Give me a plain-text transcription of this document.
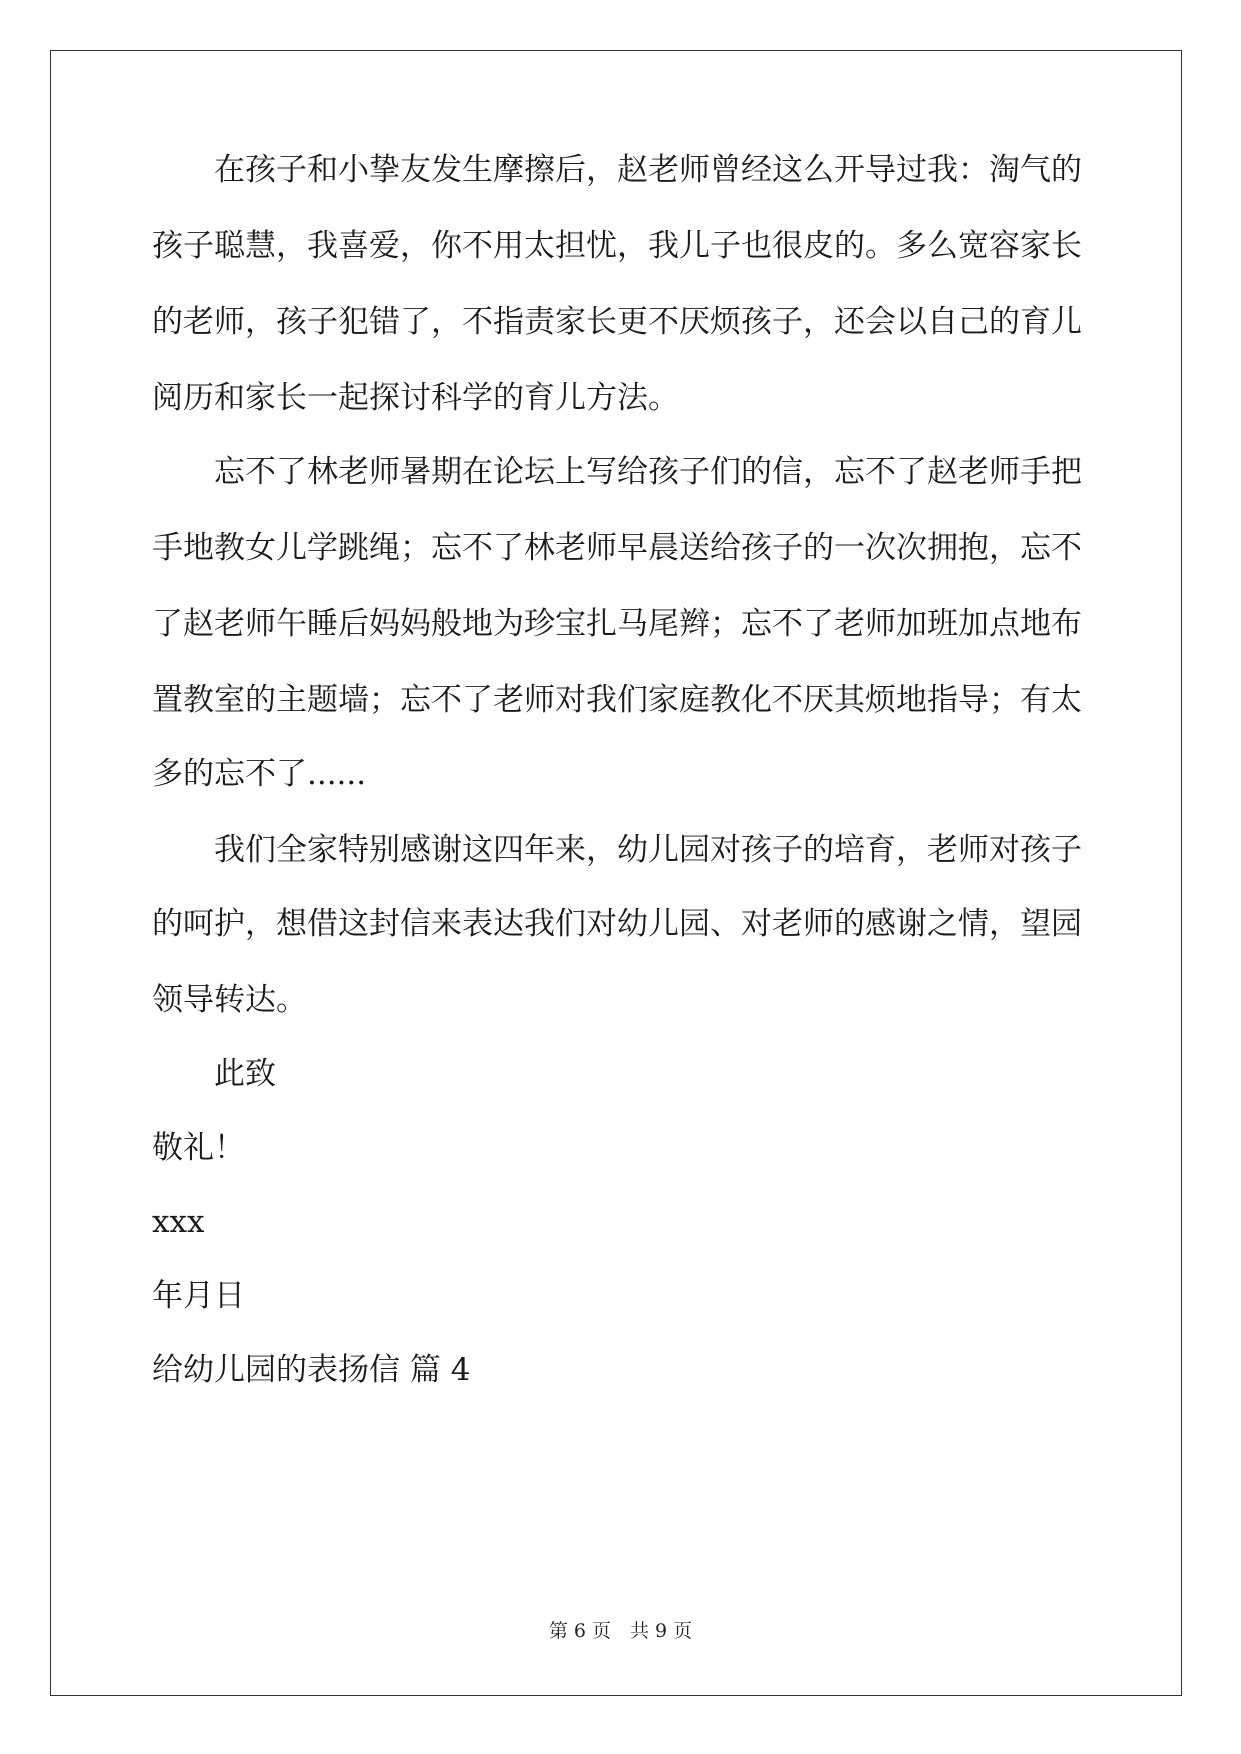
　　在孩子和小挚友发生摩擦后，赵老师曾经这么开导过我：淘气的
孩子聪慧，我喜爱，你不用太担忧，我儿子也很皮的。多么宽容家长
的老师，孩子犯错了，不指责家长更不厌烦孩子，还会以自己的育儿
阅历和家长一起探讨科学的育儿方法。
　　忘不了林老师暑期在论坛上写给孩子们的信，忘不了赵老师手把
手地教女儿学跳绳；忘不了林老师早晨送给孩子的一次次拥抱，忘不
了赵老师午睡后妈妈般地为珍宝扎马尾辫；忘不了老师加班加点地布
置教室的主题墙；忘不了老师对我们家庭教化不厌其烦地指导；有太
多的忘不了......
　　我们全家特别感谢这四年来，幼儿园对孩子的培育，老师对孩子
的呵护，想借这封信来表达我们对幼儿园、对老师的感谢之情，望园
领导转达。
　　此致
敬礼！
xxx
年月日
给幼儿园的表扬信 篇 4
第 6 页　共 9 页
